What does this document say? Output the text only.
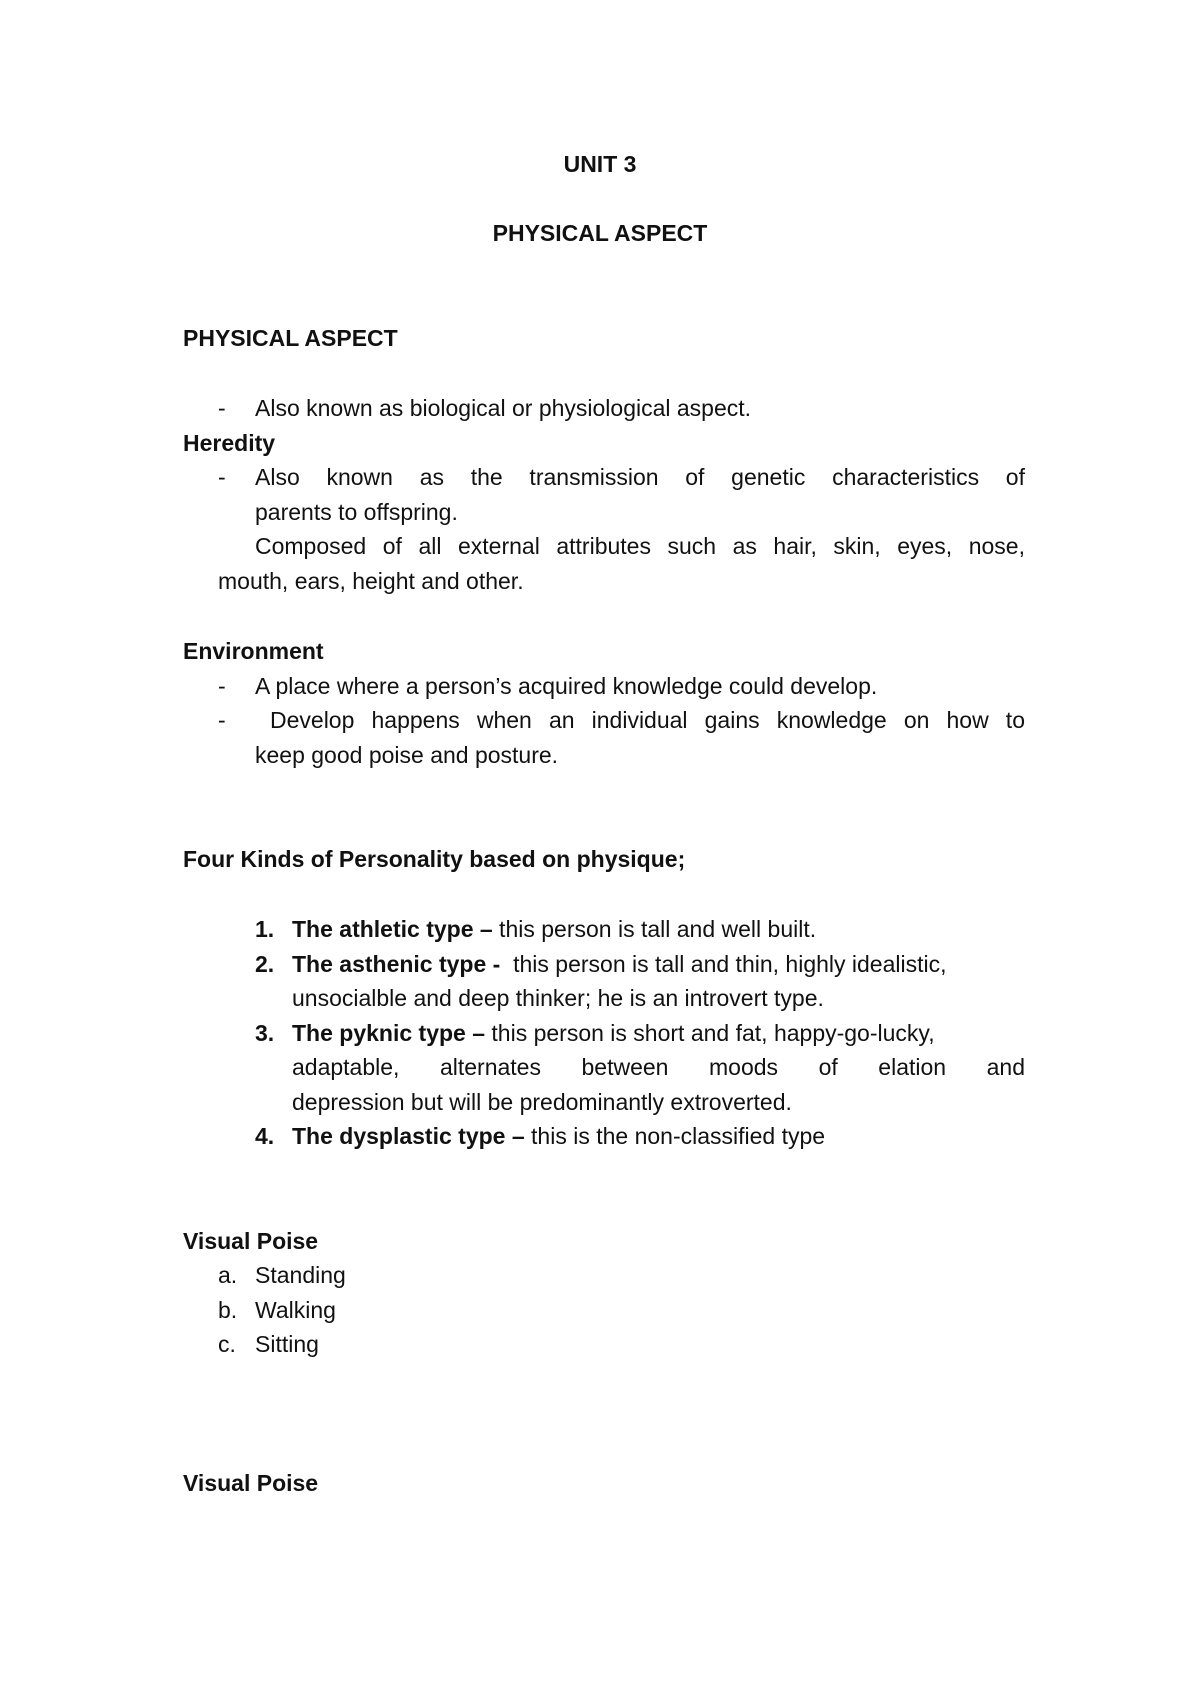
UNIT 3

PHYSICAL ASPECT

PHYSICAL ASPECT

- Also known as biological or physiological aspect.

Heredity

- Also known as the transmission of genetic characteristics of

parents to offspring.

Composed of all external attributes such as hair, skin, eyes, nose,

mouth, ears, height and other.

Environment

- A place where a person’s acquired knowledge could develop.

- Develop happens when an individual gains knowledge on how to

keep good poise and posture.

Four Kinds of Personality based on physique;

1. The athletic type – this person is tall and well built.

2. The asthenic type -  this person is tall and thin, highly idealistic,

unsocialble and deep thinker; he is an introvert type.

3. The pyknic type – this person is short and fat, happy-go-lucky,

adaptable, alternates between moods of elation and

depression but will be predominantly extroverted.

4. The dysplastic type – this is the non-classified type

Visual Poise

a. Standing

b. Walking

c. Sitting

Visual Poise
